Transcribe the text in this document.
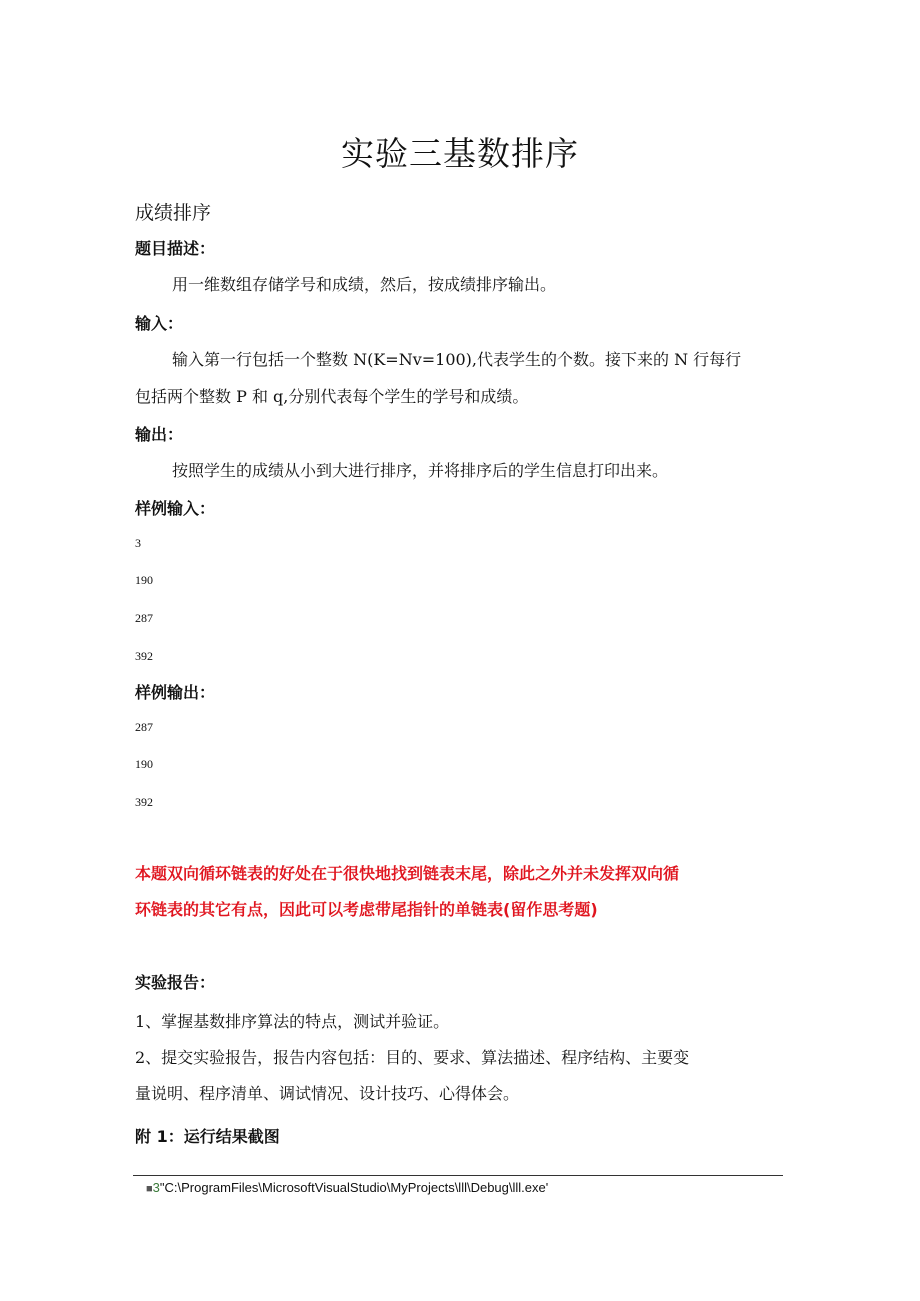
实验三基数排序
成绩排序
题目描述：
用一维数组存储学号和成绩，然后，按成绩排序输出。
输入：
输入第一行包括一个整数 N(K=Nv=100),代表学生的个数。接下来的 N 行每行
包括两个整数 P 和 q,分别代表每个学生的学号和成绩。
输出：
按照学生的成绩从小到大进行排序，并将排序后的学生信息打印出来。
样例输入：
3
190
287
392
样例输出：
287
190
392
本题双向循环链表的好处在于很快地找到链表末尾，除此之外并未发挥双向循
环链表的其它有点，因此可以考虑带尾指针的单链表(留作思考题)
实验报告：
1、掌握基数排序算法的特点，测试并验证。
2、提交实验报告，报告内容包括：目的、要求、算法描述、程序结构、主要变
量说明、程序清单、调试情况、设计技巧、心得体会。
附 1：运行结果截图
■3"C:\ProgramFiles\MicrosoftVisualStudio\MyProjects\lll\Debug\lll.exe'
